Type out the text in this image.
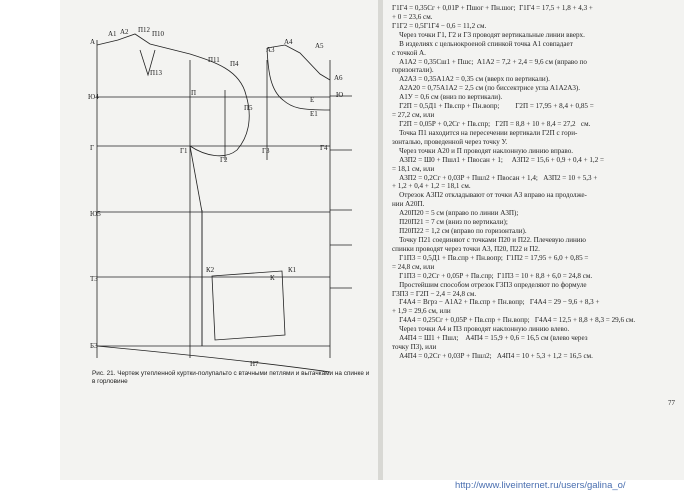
А
А1 А2 П12 П10
П11
П13
П
А4
А3
П5
П4
А5
А6
Е
Е1
Г	Г1
Г2
Г3	Г4
Ю
Ю4
Ю5
Т3
Б3
Н7
К
К1
К2
Рис. 21. Чертеж утепленной куртки-полупальто с втачными петлями и вытачками на спинке и в горловине
Г1Г4 = 0,35Сг + 0,01Р + Пшог + Пн.шог;  Г1Г4 = 17,5 + 1,8 + 4,3 +
+ 0 = 23,6 см.
Г1Г2 = 0,5Г1Г4 − 0,6 = 11,2 см.
Через точки Г1, Г2 и Г3 проводят вертикальные линии вверх.
В изделиях с цельнокроеной спинкой точка А1 совпадает
с точкой А.
А1А2 = 0,35Сш1 + Пшс;  А1А2 = 7,2 + 2,4 = 9,6 см (вправо по
горизонтали).
А2А3 = 0,35А1А2 = 0,35 см (вверх по вертикали).
А2А20 = 0,75А1А2 = 2,5 см (по биссектрисе угла А1А2А3).
А1У = 0,6 см (вниз по вертикали).
Г2П = 0,5Д1 + Пв.спр + Пн.вопр;         Г2П = 17,95 + 8,4 + 0,85 =
= 27,2 см, или
Г2П = 0,05Р + 0,2Сг + Пв.спр;   Г2П = 8,8 + 10 + 8,4 = 27,2   см.
Точка П1 находится на пересечении вертикали Г2П с гори-
зонталью, проведенной через точку У.
Через точки А20 и П проводят наклонную линию вправо.
А3П2 = Ш0 + Пшл1 + Пвосан + 1;     А3П2 = 15,6 + 0,9 + 0,4 + 1,2 =
= 18,1 см, или
А3П2 = 0,2Сг + 0,03Р + Пшл2 + Пвосан + 1,4;   А3П2 = 10 + 5,3 +
+ 1,2 + 0,4 + 1,2 = 18,1 см.
Отрезок А3П2 откладывают от точки А3 вправо на продолже-
нии А20П.
А20П20 = 5 см (вправо по линии А3П);
П20П21 = 7 см (вниз по вертикали);
П20П22 = 1,2 см (вправо по горизонтали).
Точку П21 соединяют с точками П20 и П22. Плечевую линию
спинки проводят через точки А3, П20, П22 и П2.
Г1П3 = 0,5Д1 + Пв.спр + Пн.вопр;  Г1П2 = 17,95 + 6,0 + 0,85 =
= 24,8 см, или
Г1П3 = 0,2Сг + 0,05Р + Пв.спр;  Г1П3 = 10 + 8,8 + 6,0 = 24,8 см.
Простейшим способом отрезок Г3П3 определяют по формуле
Г3П3 = Г2П − 2,4 = 24,8 см.
Г4А4 = Вгрз − А1А2 + Пв.спр + Пн.вопр;   Г4А4 = 29 − 9,6 + 8,3 +
+ 1,9 = 29,6 см, или
Г4А4 = 0,25Сг + 0,05Р + Пв.спр + Пн.вопр;   Г4А4 = 12,5 + 8,8 + 8,3 = 29,6 см.
Через точки А4 и П3 проводят наклонную линию влево.
А4П4 = Ш1 + Пшл;    А4П4 = 15,9 + 0,6 = 16,5 см (влево через
точку П3), или
А4П4 = 0,2Сг + 0,03Р + Пшл2;   А4П4 = 10 + 5,3 + 1,2 = 16,5 см.
77
http://www.liveinternet.ru/users/galina_o/
